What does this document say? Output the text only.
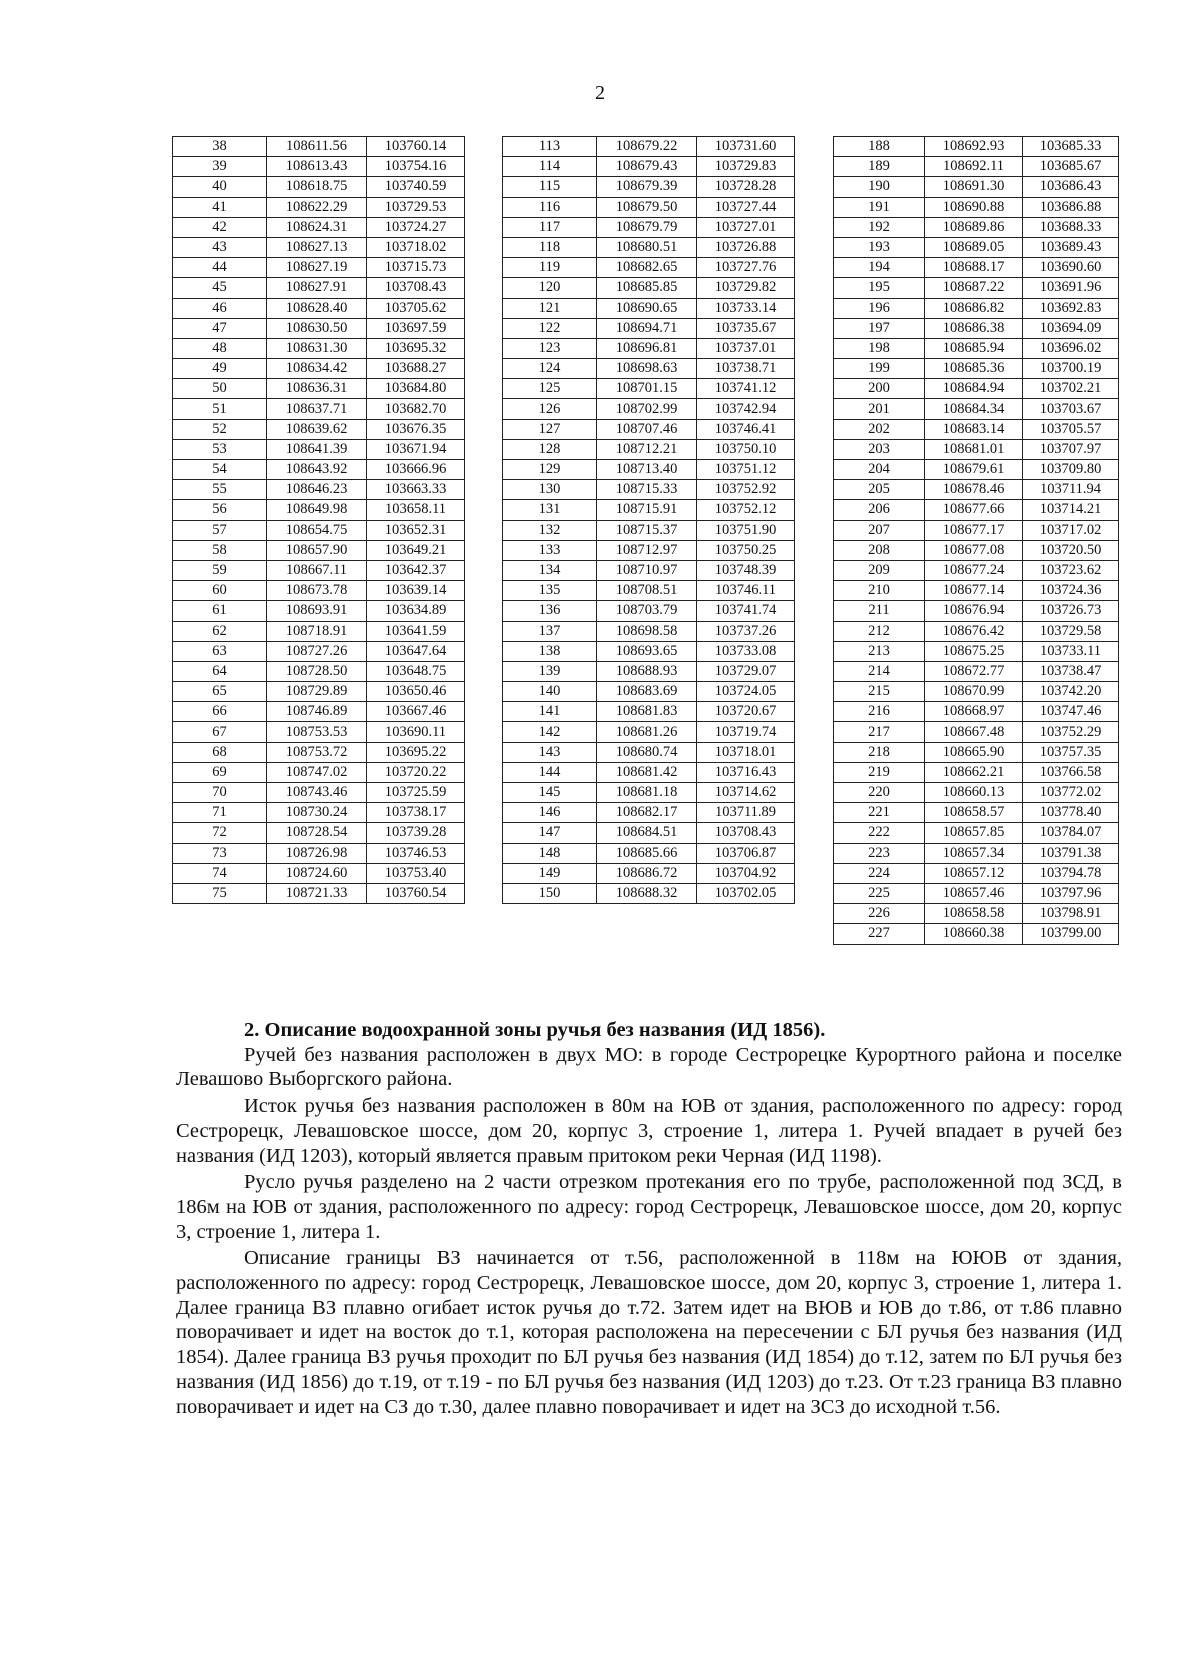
2
38	108611.56	103760.14
39	108613.43	103754.16
40	108618.75	103740.59
41	108622.29	103729.53
42	108624.31	103724.27
43	108627.13	103718.02
44	108627.19	103715.73
45	108627.91	103708.43
46	108628.40	103705.62
47	108630.50	103697.59
48	108631.30	103695.32
49	108634.42	103688.27
50	108636.31	103684.80
51	108637.71	103682.70
52	108639.62	103676.35
53	108641.39	103671.94
54	108643.92	103666.96
55	108646.23	103663.33
56	108649.98	103658.11
57	108654.75	103652.31
58	108657.90	103649.21
59	108667.11	103642.37
60	108673.78	103639.14
61	108693.91	103634.89
62	108718.91	103641.59
63	108727.26	103647.64
64	108728.50	103648.75
65	108729.89	103650.46
66	108746.89	103667.46
67	108753.53	103690.11
68	108753.72	103695.22
69	108747.02	103720.22
70	108743.46	103725.59
71	108730.24	103738.17
72	108728.54	103739.28
73	108726.98	103746.53
74	108724.60	103753.40
75	108721.33	103760.54
113	108679.22	103731.60
114	108679.43	103729.83
115	108679.39	103728.28
116	108679.50	103727.44
117	108679.79	103727.01
118	108680.51	103726.88
119	108682.65	103727.76
120	108685.85	103729.82
121	108690.65	103733.14
122	108694.71	103735.67
123	108696.81	103737.01
124	108698.63	103738.71
125	108701.15	103741.12
126	108702.99	103742.94
127	108707.46	103746.41
128	108712.21	103750.10
129	108713.40	103751.12
130	108715.33	103752.92
131	108715.91	103752.12
132	108715.37	103751.90
133	108712.97	103750.25
134	108710.97	103748.39
135	108708.51	103746.11
136	108703.79	103741.74
137	108698.58	103737.26
138	108693.65	103733.08
139	108688.93	103729.07
140	108683.69	103724.05
141	108681.83	103720.67
142	108681.26	103719.74
143	108680.74	103718.01
144	108681.42	103716.43
145	108681.18	103714.62
146	108682.17	103711.89
147	108684.51	103708.43
148	108685.66	103706.87
149	108686.72	103704.92
150	108688.32	103702.05
188	108692.93	103685.33
189	108692.11	103685.67
190	108691.30	103686.43
191	108690.88	103686.88
192	108689.86	103688.33
193	108689.05	103689.43
194	108688.17	103690.60
195	108687.22	103691.96
196	108686.82	103692.83
197	108686.38	103694.09
198	108685.94	103696.02
199	108685.36	103700.19
200	108684.94	103702.21
201	108684.34	103703.67
202	108683.14	103705.57
203	108681.01	103707.97
204	108679.61	103709.80
205	108678.46	103711.94
206	108677.66	103714.21
207	108677.17	103717.02
208	108677.08	103720.50
209	108677.24	103723.62
210	108677.14	103724.36
211	108676.94	103726.73
212	108676.42	103729.58
213	108675.25	103733.11
214	108672.77	103738.47
215	108670.99	103742.20
216	108668.97	103747.46
217	108667.48	103752.29
218	108665.90	103757.35
219	108662.21	103766.58
220	108660.13	103772.02
221	108658.57	103778.40
222	108657.85	103784.07
223	108657.34	103791.38
224	108657.12	103794.78
225	108657.46	103797.96
226	108658.58	103798.91
227	108660.38	103799.00

2. Описание водоохранной зоны ручья без названия (ИД 1856).

Ручей без названия расположен в двух МО: в городе Сестрорецке Курортного района и поселке Левашово Выборгского района.

Исток ручья без названия расположен в 80м на ЮВ от здания, расположенного по адресу: город Сестрорецк, Левашовское шоссе, дом 20, корпус 3, строение 1, литера 1. Ручей впадает в ручей без названия (ИД 1203), который является правым притоком реки Черная (ИД 1198).

Русло ручья разделено на 2 части отрезком протекания его по трубе, расположенной под ЗСД, в 186м на ЮВ от здания, расположенного по адресу: город Сестрорецк, Левашовское шоссе, дом 20, корпус 3, строение 1, литера 1.

Описание границы ВЗ начинается от т.56, расположенной в 118м на ЮЮВ от здания, расположенного по адресу: город Сестрорецк, Левашовское шоссе, дом 20, корпус 3, строение 1, литера 1. Далее граница ВЗ плавно огибает исток ручья до т.72. Затем идет на ВЮВ и ЮВ до т.86, от т.86 плавно поворачивает и идет на восток до т.1, которая расположена на пересечении с БЛ ручья без названия (ИД 1854). Далее граница ВЗ ручья проходит по БЛ ручья без названия (ИД 1854) до т.12, затем по БЛ ручья без названия (ИД 1856) до т.19, от т.19 - по БЛ ручья без названия (ИД 1203) до т.23. От т.23 граница ВЗ плавно поворачивает и идет на СЗ до т.30, далее плавно поворачивает и идет на ЗСЗ до исходной т.56.
